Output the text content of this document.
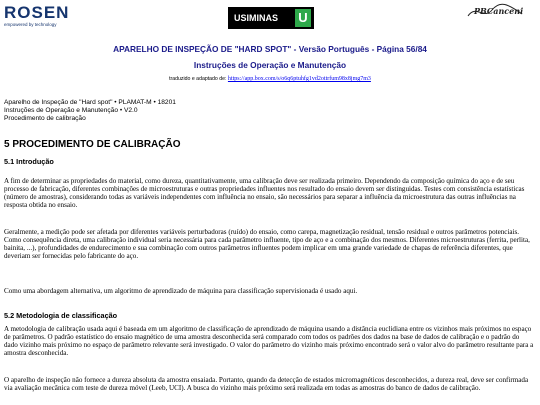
ROSEN
empowered by technology
USIMINAS U	PBCanceni
APARELHO DE INSPEÇÃO DE "HARD SPOT" - Versão Português - Página 56/84
Instruções de Operação e Manutenção
traduzido e adaptado de: https://app.box.com/s/o6q6ptuhfg1vd2ottrfum98x8jmg7m3
Aparelho de Inspeção de "Hard spot" • PLAMAT-M • 18201
Instruções de Operação e Manutenção • V2.0
Procedimento de calibração
5 PROCEDIMENTO DE CALIBRAÇÃO
5.1 Introdução

A fim de determinar as propriedades do material, como dureza, quantitativamente, uma calibração deve ser realizada primeiro. Dependendo da composição química do aço e de seu processo de fabricação, diferentes combinações de microestruturas e outras propriedades influentes nos resultado do ensaio devem ser distinguidas. Testes com consistência estatísticas (número de amostras), considerando todas as variáveis independentes com influência no ensaio, são necessários para separar a influência da microestrutura das outras influências na resposta obtida no ensaio.

Geralmente, a medição pode ser afetada por diferentes variáveis perturbadoras (ruído) do ensaio, como carepa, magnetização residual, tensão residual e outros parâmetros potenciais. Como consequência direta, uma calibração individual seria necessária para cada parâmetro influente, tipo de aço e a combinação dos mesmos. Diferentes microestruturas (ferrita, perlita, bainita, ...), profundidades de endurecimento e sua combinação com outros parâmetros influentes podem implicar em uma grande variedade de chapas de referência diferentes, que deveriam ser fornecidas pelo fabricante do aço.

Como uma abordagem alternativa, um algoritmo de aprendizado de máquina para classificação supervisionada é usado aqui.

5.2 Metodologia de classificação

A metodologia de calibração usada aqui é baseada em um algoritmo de classificação de aprendizado de máquina usando a distância euclidiana entre os vizinhos mais próximos no espaço de parâmetros. O padrão estatístico do ensaio magnético de uma amostra desconhecida será comparado com todos os padrões dos dados na base de dados de calibração e o padrão do dado vizinho mais próximo no espaço de parâmetro relevante será investigado. O valor do parâmetro do vizinho mais próximo encontrado será o valor alvo do parâmetro resultante para a amostra desconhecida.

O aparelho de inspeção não fornece a dureza absoluta da amostra ensaiada. Portanto, quando da detecção de estados micromagnéticos desconhecidos, a dureza real, deve ser confirmada via avaliação mecânica com teste de dureza móvel (Leeb, UCI). A busca do vizinho mais próximo será realizada em todas as amostras do banco de dados de calibração.
